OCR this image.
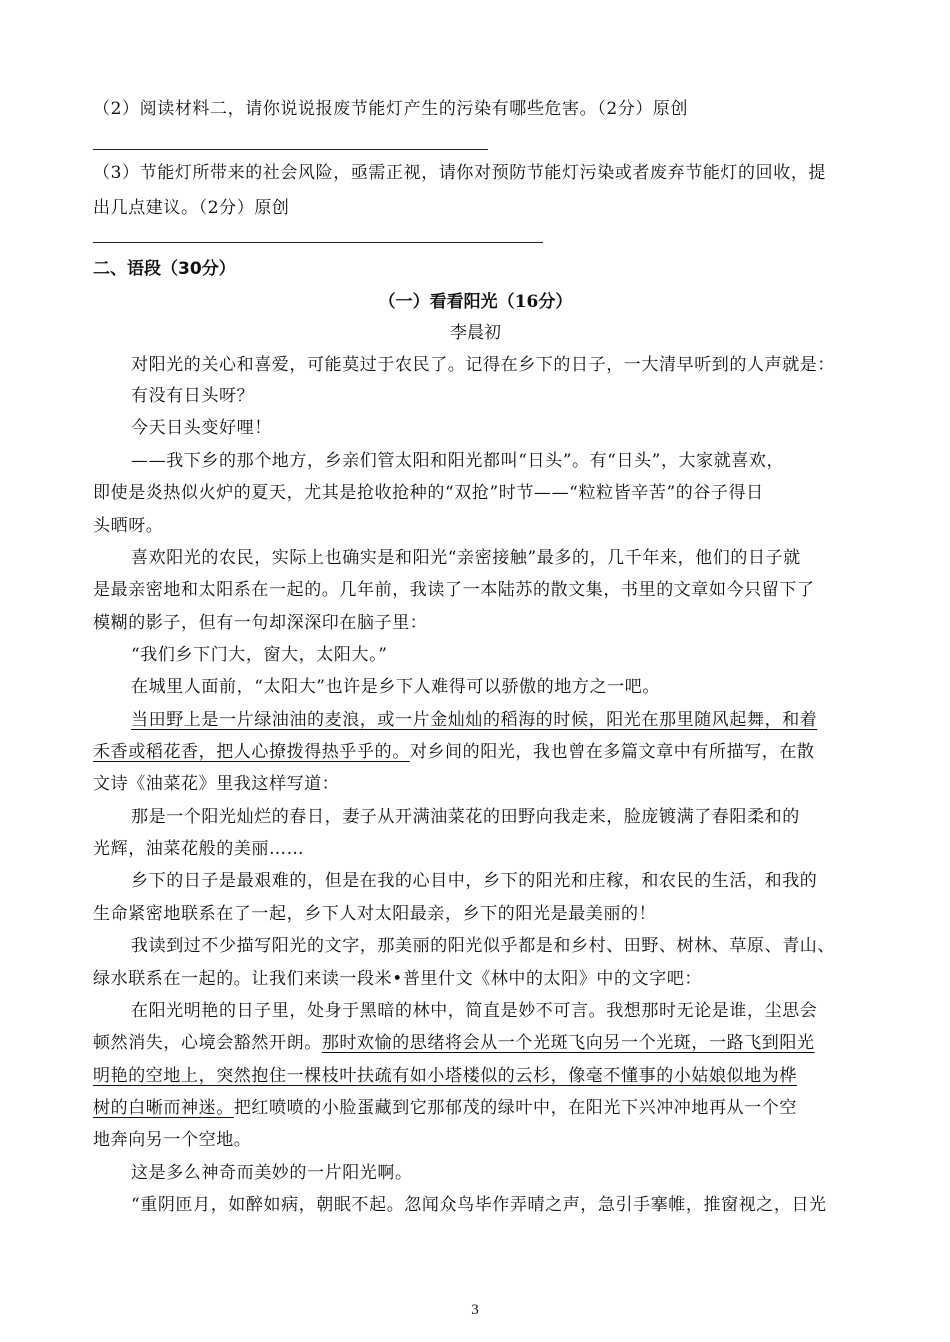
（2）阅读材料二，请你说说报废节能灯产生的污染有哪些危害。（2分）原创
（3）节能灯所带来的社会风险，亟需正视，请你对预防节能灯污染或者废弃节能灯的回收，提
出几点建议。（2分）原创
二、语段（30分）
（一）看看阳光（16分）
李晨初
对阳光的关心和喜爱，可能莫过于农民了。记得在乡下的日子，一大清早听到的人声就是：
有没有日头呀？
今天日头变好哩！
——我下乡的那个地方，乡亲们管太阳和阳光都叫“日头”。有“日头”，大家就喜欢，
即使是炎热似火炉的夏天，尤其是抢收抢种的“双抢”时节——“粒粒皆辛苦”的谷子得日
头晒呀。
喜欢阳光的农民，实际上也确实是和阳光“亲密接触”最多的，几千年来，他们的日子就
是最亲密地和太阳系在一起的。几年前，我读了一本陆苏的散文集，书里的文章如今只留下了
模糊的影子，但有一句却深深印在脑子里：
“我们乡下门大，窗大，太阳大。”
在城里人面前，“太阳大”也许是乡下人难得可以骄傲的地方之一吧。
当田野上是一片绿油油的麦浪，或一片金灿灿的稻海的时候，阳光在那里随风起舞，和着
禾香或稻花香，把人心撩拨得热乎乎的。对乡间的阳光，我也曾在多篇文章中有所描写，在散
文诗《油菜花》里我这样写道：
那是一个阳光灿烂的春日，妻子从开满油菜花的田野向我走来，脸庞镀满了春阳柔和的
光辉，油菜花般的美丽……
乡下的日子是最艰难的，但是在我的心目中，乡下的阳光和庄稼，和农民的生活，和我的
生命紧密地联系在了一起，乡下人对太阳最亲，乡下的阳光是最美丽的！
我读到过不少描写阳光的文字，那美丽的阳光似乎都是和乡村、田野、树林、草原、青山、
绿水联系在一起的。让我们来读一段米•普里什文《林中的太阳》中的文字吧：
在阳光明艳的日子里，处身于黑暗的林中，简直是妙不可言。我想那时无论是谁，尘思会
顿然消失，心境会豁然开朗。那时欢愉的思绪将会从一个光斑飞向另一个光斑，一路飞到阳光
明艳的空地上，突然抱住一棵枝叶扶疏有如小塔楼似的云杉，像毫不懂事的小姑娘似地为桦
树的白晰而神迷。把红喷喷的小脸蛋藏到它那郁茂的绿叶中，在阳光下兴冲冲地再从一个空
地奔向另一个空地。
这是多么神奇而美妙的一片阳光啊。
“重阴匝月，如醉如病，朝眠不起。忽闻众鸟毕作弄晴之声，急引手搴帷，推窗视之，日光
3
